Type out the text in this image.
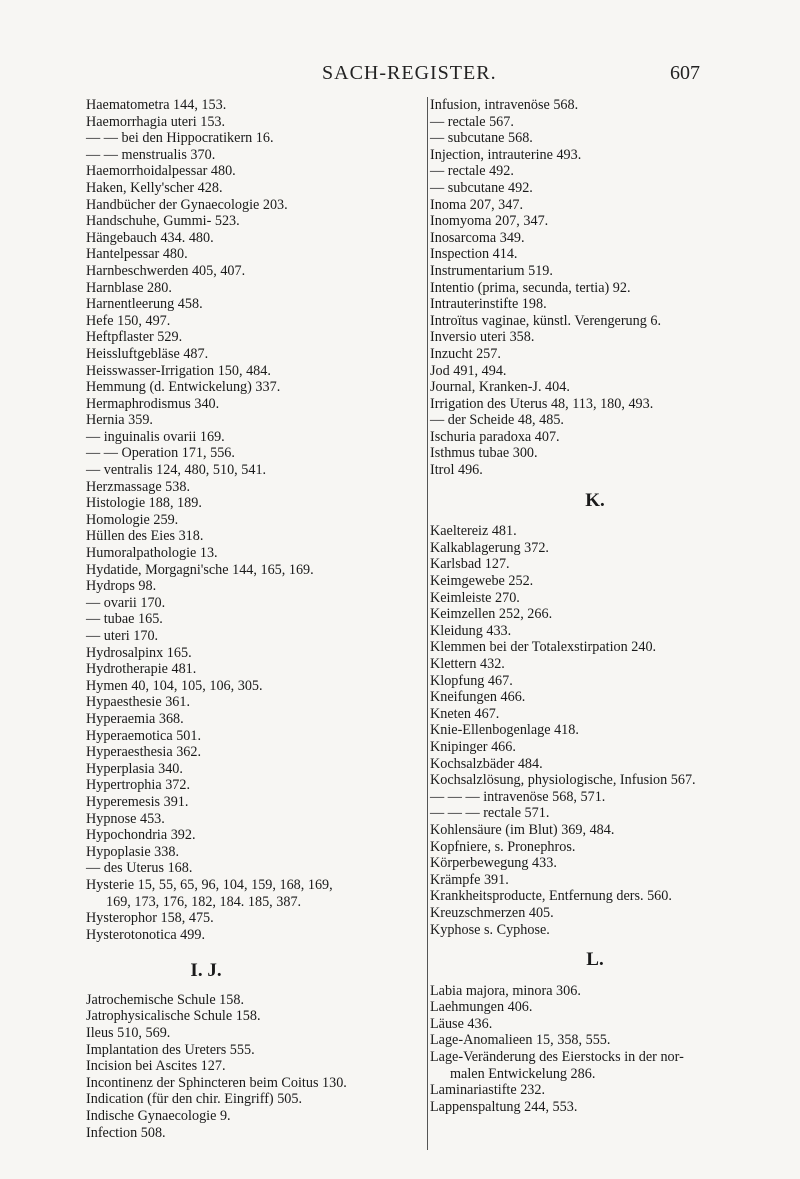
SACH-REGISTER.	607
Haematometra 144, 153.
Haemorrhagia uteri 153.
— — bei den Hippocratikern 16.
— — menstrualis 370.
Haemorrhoidalpessar 480.
Haken, Kelly'scher 428.
Handbücher der Gynaecologie 203.
Handschuhe, Gummi- 523.
Hängebauch 434. 480.
Hantelpessar 480.
Harnbeschwerden 405, 407.
Harnblase 280.
Harnentleerung 458.
Hefe 150, 497.
Heftpflaster 529.
Heissluftgebläse 487.
Heisswasser-Irrigation 150, 484.
Hemmung (d. Entwickelung) 337.
Hermaphrodismus 340.
Hernia 359.
— inguinalis ovarii 169.
— — Operation 171, 556.
— ventralis 124, 480, 510, 541.
Herzmassage 538.
Histologie 188, 189.
Homologie 259.
Hüllen des Eies 318.
Humoralpathologie 13.
Hydatide, Morgagni'sche 144, 165, 169.
Hydrops 98.
— ovarii 170.
— tubae 165.
— uteri 170.
Hydrosalpinx 165.
Hydrotherapie 481.
Hymen 40, 104, 105, 106, 305.
Hypaesthesie 361.
Hyperaemia 368.
Hyperaemotica 501.
Hyperaesthesia 362.
Hyperplasia 340.
Hypertrophia 372.
Hyperemesis 391.
Hypnose 453.
Hypochondria 392.
Hypoplasie 338.
— des Uterus 168.
Hysterie 15, 55, 65, 96, 104, 159, 168, 169,
169, 173, 176, 182, 184. 185, 387.
Hysterophor 158, 475.
Hysterotonotica 499.
I. J.
Jatrochemische Schule 158.
Jatrophysicalische Schule 158.
Ileus 510, 569.
Implantation des Ureters 555.
Incision bei Ascites 127.
Incontinenz der Sphincteren beim Coitus 130.
Indication (für den chir. Eingriff) 505.
Indische Gynaecologie 9.
Infection 508.
Infusion, intravenöse 568.
— rectale 567.
— subcutane 568.
Injection, intrauterine 493.
— rectale 492.
— subcutane 492.
Inoma 207, 347.
Inomyoma 207, 347.
Inosarcoma 349.
Inspection 414.
Instrumentarium 519.
Intentio (prima, secunda, tertia) 92.
Intrauterinstifte 198.
Introïtus vaginae, künstl. Verengerung 6.
Inversio uteri 358.
Inzucht 257.
Jod 491, 494.
Journal, Kranken-J. 404.
Irrigation des Uterus 48, 113, 180, 493.
— der Scheide 48, 485.
Ischuria paradoxa 407.
Isthmus tubae 300.
Itrol 496.
K.
Kaeltereiz 481.
Kalkablagerung 372.
Karlsbad 127.
Keimgewebe 252.
Keimleiste 270.
Keimzellen 252, 266.
Kleidung 433.
Klemmen bei der Totalexstirpation 240.
Klettern 432.
Klopfung 467.
Kneifungen 466.
Kneten 467.
Knie-Ellenbogenlage 418.
Knipinger 466.
Kochsalzbäder 484.
Kochsalzlösung, physiologische, Infusion 567.
— — — intravenöse 568, 571.
— — — rectale 571.
Kohlensäure (im Blut) 369, 484.
Kopfniere, s. Pronephros.
Körperbewegung 433.
Krämpfe 391.
Krankheitsproducte, Entfernung ders. 560.
Kreuzschmerzen 405.
Kyphose s. Cyphose.
L.
Labia majora, minora 306.
Laehmungen 406.
Läuse 436.
Lage-Anomalieen 15, 358, 555.
Lage-Veränderung des Eierstocks in der nor-
malen Entwickelung 286.
Laminariastifte 232.
Lappenspaltung 244, 553.
